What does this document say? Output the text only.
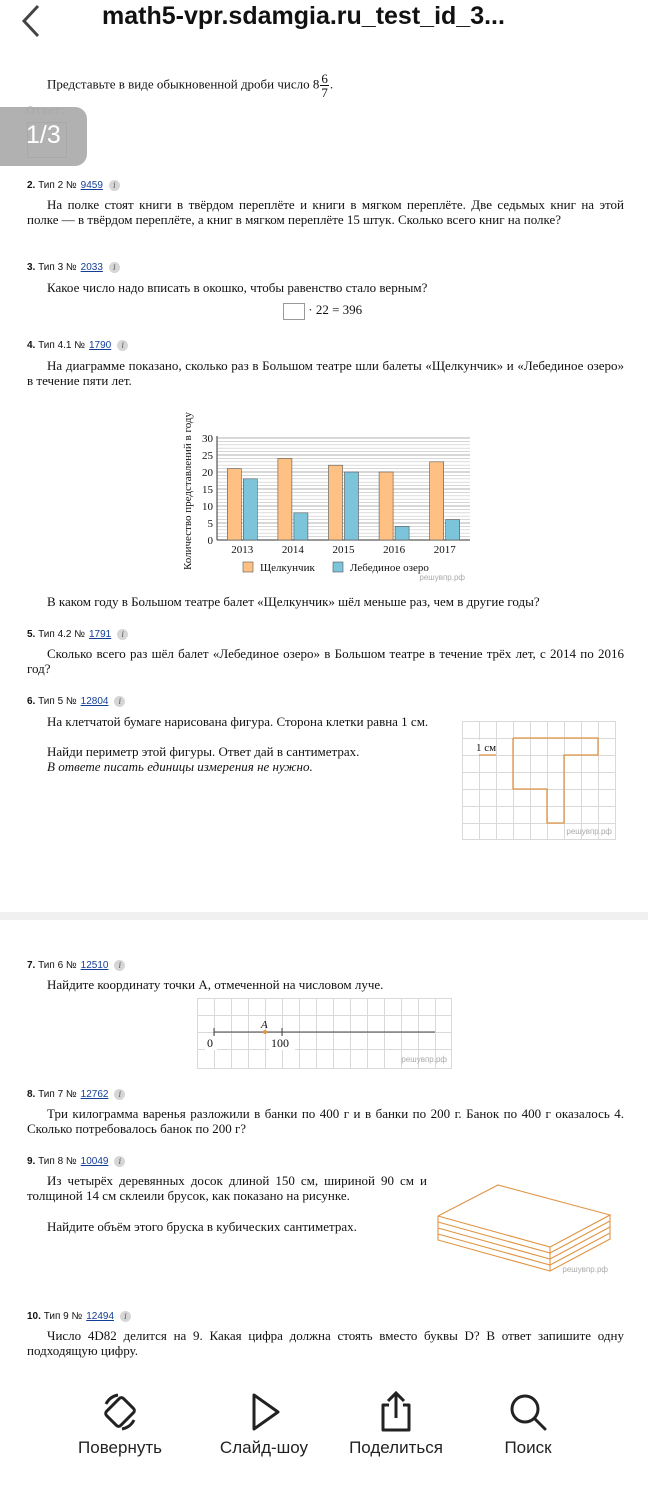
math5-vpr.sdamgia.ru_test_id_3...
Представьте в виде обыкновенной дроби число $8 \frac{6}{7}$ .
1/3
2.
Тип 2 № 9459	i
На полке стоят книги в твёрдом переплёте и книги в мягком переплёте. Две седьмых книг на этой полке — в твёрдом переплёте, а книг в мягком переплёте 15 штук. Сколько всего книг на полке?
3.
Тип 3 № 2033	i
Какое число надо вписать в окошко, чтобы равенство стало верным?
· 22 = 396
4.
Тип 4.1 № 1790	i
На диаграмме показано, сколько раз в Большом театре шли балеты «Щелкунчик» и «Лебединое озеро» в течение пяти лет.
Количество представлений в году 0
5
10
15
20
25
30
2013	2014	2015	2016	2017
Щелкунчик	Лебединое озеро
решувпр.рф
В каком году в Большом театре балет «Щелкунчик» шёл меньше раз, чем в другие годы?
5.
Тип 4.2 № 1791	i
Сколько всего раз шёл балет «Лебединое озеро» в Большом театре в течение трёх лет, с 2014 по 2016 год?
6.
Тип 5 № 12804	i
На клетчатой бумаге нарисована фигура. Сторона клетки равна 1 см.
Найди периметр этой фигуры. Ответ дай в сантиметрах.
В ответе писать единицы измерения не нужно.
1 см
решувпр.рф
7.
Тип 6 № 12510	i
Найдите координату точки A, отмеченной на числовом луче.
0	100
A
решувпр.рф
8.
Тип 7 № 12762	i
Три килограмма варенья разложили в банки по 400 г и в банки по 200 г. Банок по 400 г оказалось 4. Сколько потребовалось банок по 200 г?
9.
Тип 8 № 10049	i
Из четырёх деревянных досок длиной 150 см, шириной 90 см и толщиной 14 см склеили брусок, как показано на рисунке.
Найдите объём этого бруска в кубических сантиметрах.
решувпр.рф
10.
Тип 9 № 12494	i
Число 4D82 делится на 9. Какая цифра должна стоять вместо буквы D? В ответ запишите одну подходящую цифру.
Повернуть	Слайд-шоу	Поделиться	Поиск
